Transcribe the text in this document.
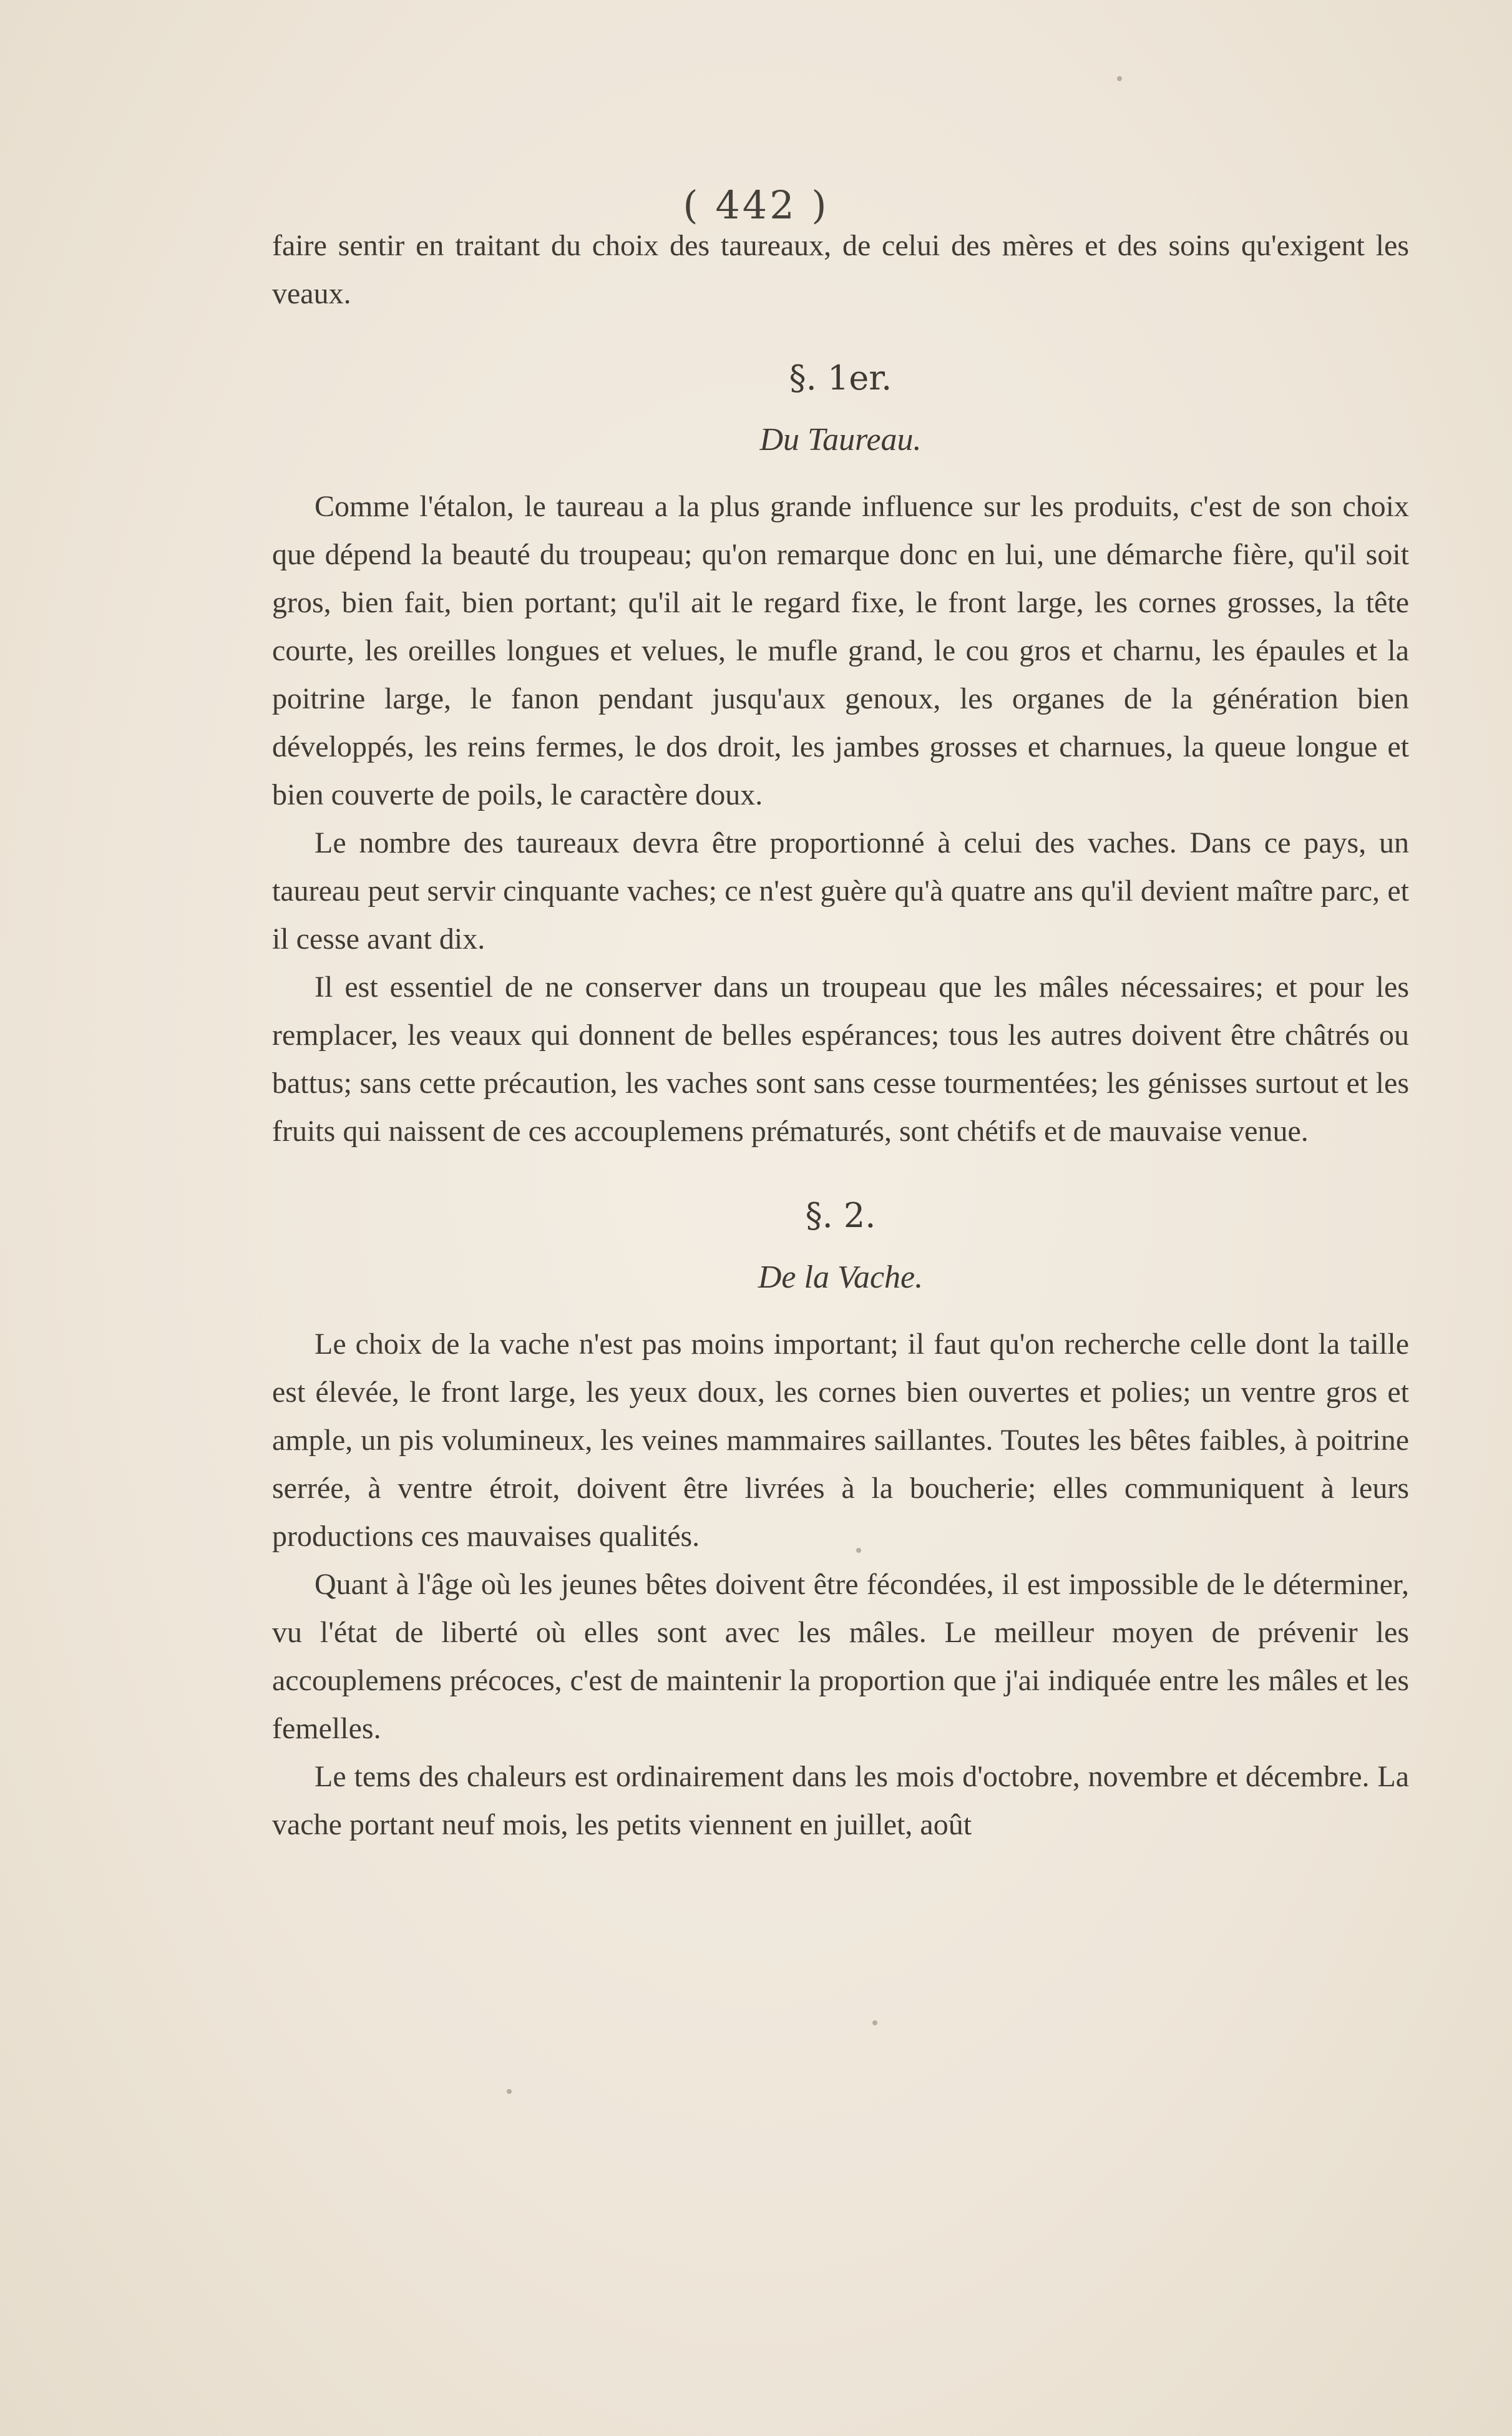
( 442 )

faire sentir en traitant du choix des taureaux, de celui des mères et des soins qu'exigent les veaux.

§. 1er.
Du Taureau.

Comme l'étalon, le taureau a la plus grande influence sur les produits, c'est de son choix que dépend la beauté du troupeau; qu'on remarque donc en lui, une démarche fière, qu'il soit gros, bien fait, bien portant; qu'il ait le regard fixe, le front large, les cornes grosses, la tête courte, les oreilles longues et velues, le mufle grand, le cou gros et charnu, les épaules et la poitrine large, le fanon pendant jusqu'aux genoux, les organes de la génération bien développés, les reins fermes, le dos droit, les jambes grosses et charnues, la queue longue et bien couverte de poils, le caractère doux.

Le nombre des taureaux devra être proportionné à celui des vaches. Dans ce pays, un taureau peut servir cinquante vaches; ce n'est guère qu'à quatre ans qu'il devient maître parc, et il cesse avant dix.

Il est essentiel de ne conserver dans un troupeau que les mâles nécessaires; et pour les remplacer, les veaux qui donnent de belles espérances; tous les autres doivent être châtrés ou battus; sans cette précaution, les vaches sont sans cesse tourmentées; les génisses surtout et les fruits qui naissent de ces accouplemens prématurés, sont chétifs et de mauvaise venue.

§. 2.
De la Vache.

Le choix de la vache n'est pas moins important; il faut qu'on recherche celle dont la taille est élevée, le front large, les yeux doux, les cornes bien ouvertes et polies; un ventre gros et ample, un pis volumineux, les veines mammaires saillantes. Toutes les bêtes faibles, à poitrine serrée, à ventre étroit, doivent être livrées à la boucherie; elles communiquent à leurs productions ces mauvaises qualités.

Quant à l'âge où les jeunes bêtes doivent être fécondées, il est impossible de le déterminer, vu l'état de liberté où elles sont avec les mâles. Le meilleur moyen de prévenir les accouplemens précoces, c'est de maintenir la proportion que j'ai indiquée entre les mâles et les femelles.

Le tems des chaleurs est ordinairement dans les mois d'octobre, novembre et décembre. La vache portant neuf mois, les petits viennent en juillet, août
